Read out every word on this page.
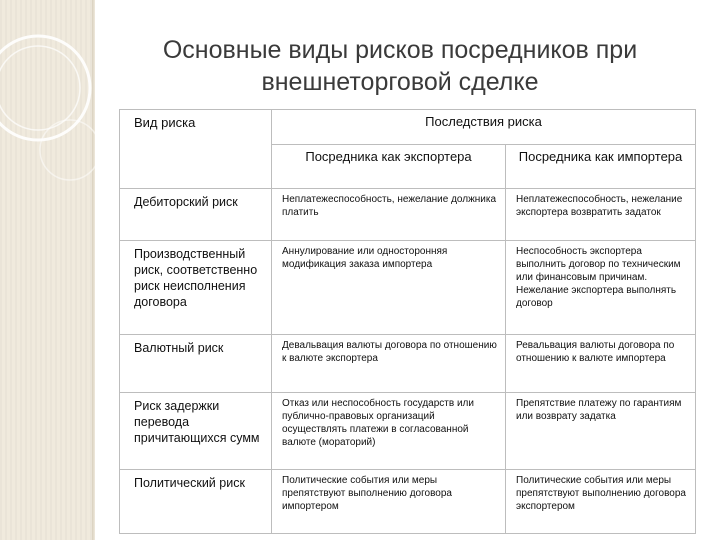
Основные виды рисков посредников при
внешнеторговой сделке
Вид риска	Последствия риска	
	Посредника как экспортера	Посредника как импортера
Дебиторский риск	Неплатежеспособность, нежелание должника платить	Неплатежеспособность, нежелание экспортера возвратить задаток
Производственный риск, соответственно риск неисполнения договора	Аннулирование или односторонняя модификация заказа импортера	Неспособность экспортера выполнить договор по техническим или финансовым причинам. Нежелание экспортера выполнять договор
Валютный риск	Девальвация валюты договора по отношению к валюте экспортера	Ревальвация валюты договора по отношению к валюте импортера
Риск задержки перевода причитающихся сумм	Отказ или неспособность государств или публично-правовых организаций осуществлять платежи в согласованной валюте (мораторий)	Препятствие платежу по гарантиям или возврату задатка
Политический риск	Политические события или меры препятствуют выполнению договора импортером	Политические события или меры препятствуют выполнению договора экспортером
